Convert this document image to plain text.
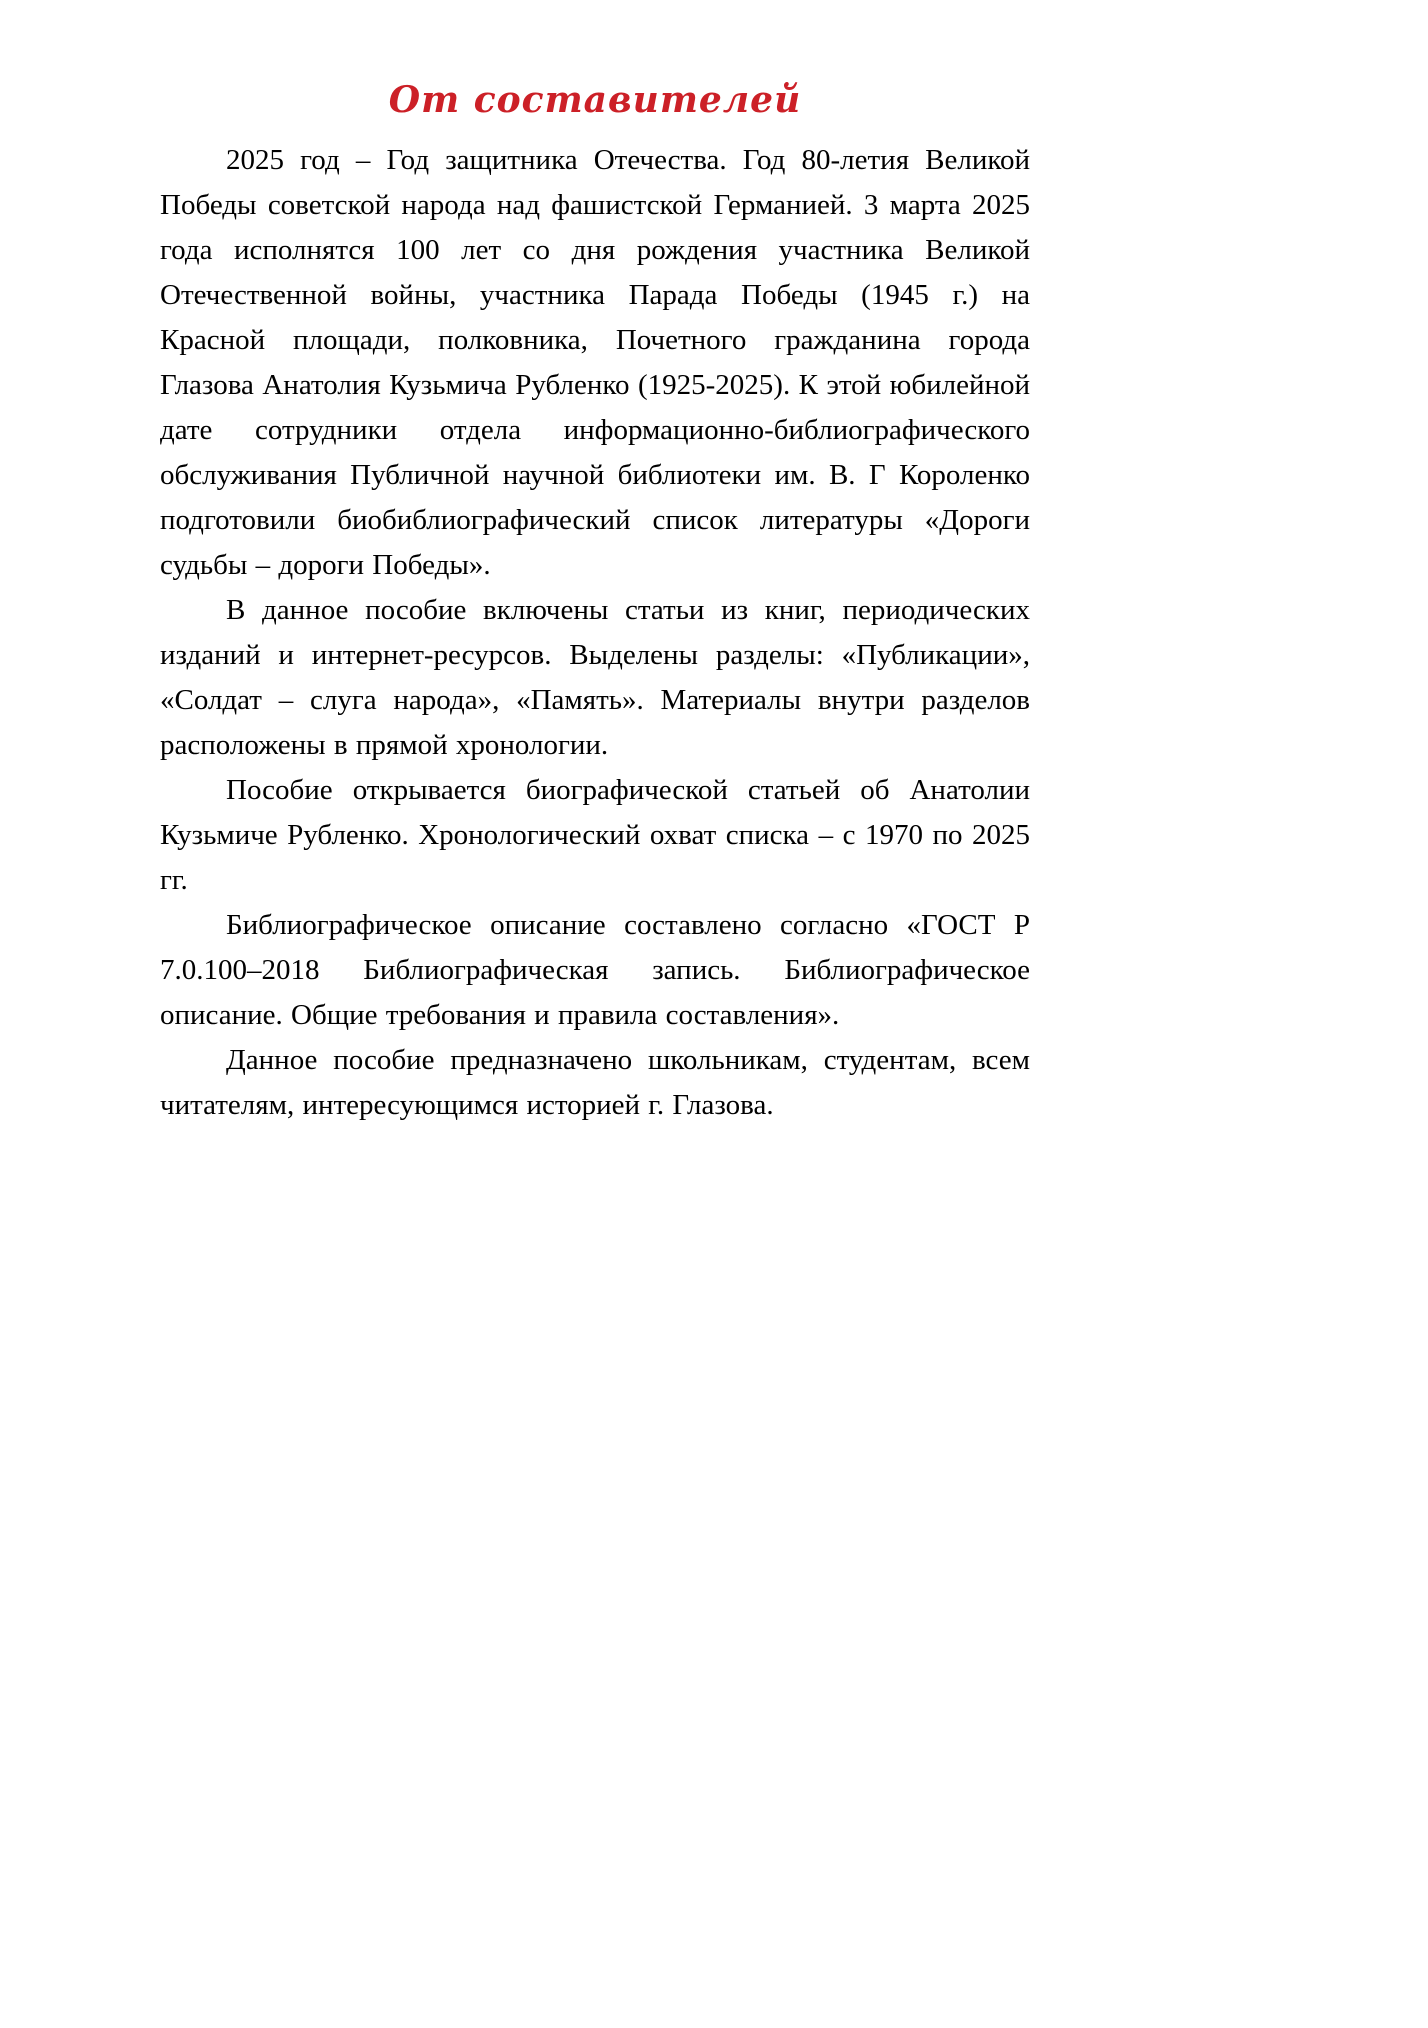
От составителей

2025 год – Год защитника Отечества. Год 80-летия Великой Победы советской народа над фашистской Германией. 3 марта 2025 года исполнятся 100 лет со дня рождения участника Великой Отечественной войны, участника Парада Победы (1945 г.) на Красной площади, полковника, Почетного гражданина города Глазова Анатолия Кузьмича Рубленко (1925-2025). К этой юбилейной дате сотрудники отдела информационно-библиографического обслуживания Публичной научной библиотеки им. В. Г Короленко подготовили биобиблиографический список литературы «Дороги судьбы – дороги Победы».

В данное пособие включены статьи из книг, периодических изданий и интернет-ресурсов. Выделены разделы: «Публикации», «Солдат – слуга народа», «Память». Материалы внутри разделов расположены в прямой хронологии.

Пособие открывается биографической статьей об Анатолии Кузьмиче Рубленко. Хронологический охват списка – с 1970 по 2025 гг.

Библиографическое описание составлено согласно «ГОСТ Р 7.0.100–2018 Библиографическая запись. Библиографическое описание. Общие требования и правила составления».

Данное пособие предназначено школьникам, студентам, всем читателям, интересующимся историей г. Глазова.
